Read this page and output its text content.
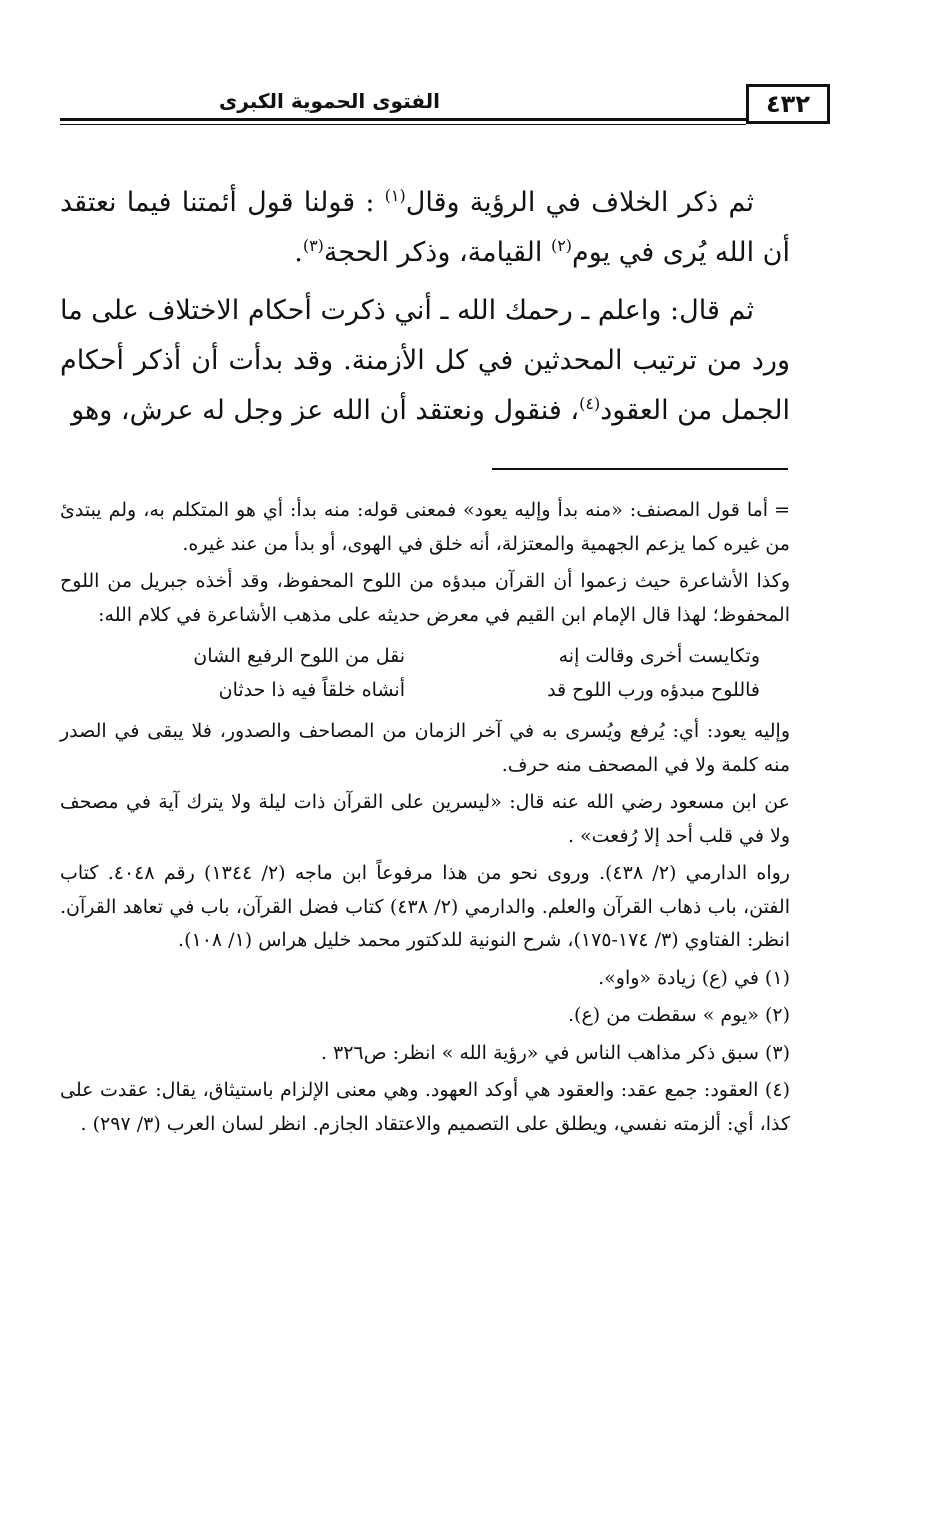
٤٣٢
الفتوى الحموية الكبرى

ثم ذكر الخلاف في الرؤية وقال$^{(١)}$ : قولنا قول أئمتنا فيما نعتقد أن الله يُرى في يوم$^{(٢)}$ القيامة، وذكر الحجة$^{(٣)}$.

ثم قال: واعلم ـ رحمك الله ـ أني ذكرت أحكام الاختلاف على ما ورد من ترتيب المحدثين في كل الأزمنة. وقد بدأت أن أذكر أحكام الجمل من العقود$^{(٤)}$، فنقول ونعتقد أن الله عز وجل له عرش، وهو

=أما قول المصنف: «منه بدأ وإليه يعود» فمعنى قوله: منه بدأ: أي هو المتكلم به، ولم يبتدئ من غيره كما يزعم الجهمية والمعتزلة، أنه خلق في الهوى، أو بدأ من عند غيره.

وكذا الأشاعرة حيث زعموا أن القرآن مبدؤه من اللوح المحفوظ، وقد أخذه جبريل من اللوح المحفوظ؛ لهذا قال الإمام ابن القيم في معرض حديثه على مذهب الأشاعرة في كلام الله:

وتكايست أخرى وقالت إنه
نقل من اللوح الرفيع الشان
فاللوح مبدؤه ورب اللوح قد
أنشاه خلقاً فيه ذا حدثان

وإليه يعود: أي: يُرفع ويُسرى به في آخر الزمان من المصاحف والصدور، فلا يبقى في الصدر منه كلمة ولا في المصحف منه حرف.

عن ابن مسعود رضي الله عنه قال: «ليسرين على القرآن ذات ليلة ولا يترك آية في مصحف ولا في قلب أحد إلا رُفعت» .

رواه الدارمي (٢/ ٤٣٨). وروى نحو من هذا مرفوعاً ابن ماجه (٢/ ١٣٤٤) رقم ٤٠٤٨. كتاب الفتن، باب ذهاب القرآن والعلم. والدارمي (٢/ ٤٣٨) كتاب فضل القرآن، باب في تعاهد القرآن. انظر: الفتاوي (٣/ ١٧٤-١٧٥)، شرح النونية للدكتور محمد خليل هراس (١/ ١٠٨).

(١) في (ع) زيادة «واو».

(٢) «يوم » سقطت من (ع).

(٣) سبق ذكر مذاهب الناس في «رؤية الله » انظر: ص٣٢٦ .

(٤) العقود: جمع عقد: والعقود هي أوكد العهود. وهي معنى الإلزام باستيثاق، يقال: عقدت على كذا، أي: ألزمته نفسي، ويطلق على التصميم والاعتقاد الجازم. انظر لسان العرب (٣/ ٢٩٧) .
